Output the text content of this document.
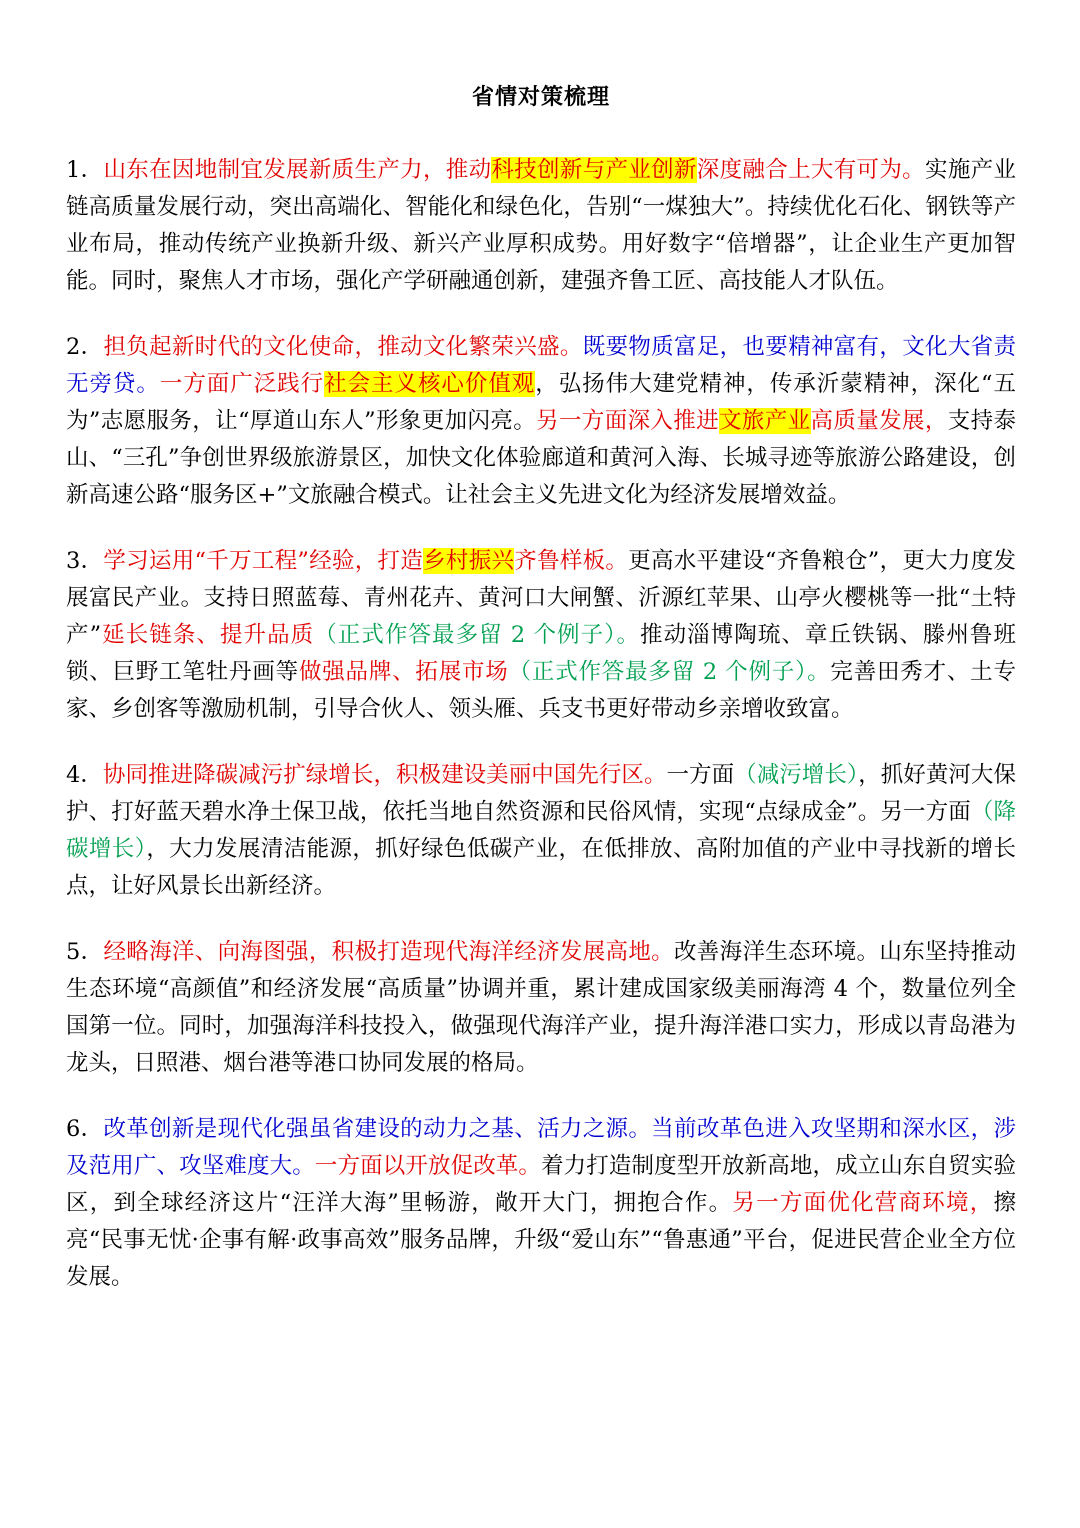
省情对策梳理

1．山东在因地制宜发展新质生产力，推动科技创新与产业创新深度融合上大有可为。实施产业链高质量发展行动，突出高端化、智能化和绿色化，告别“一煤独大”。持续优化石化、钢铁等产业布局，推动传统产业换新升级、新兴产业厚积成势。用好数字“倍增器”，让企业生产更加智能。同时，聚焦人才市场，强化产学研融通创新，建强齐鲁工匠、高技能人才队伍。

2．担负起新时代的文化使命，推动文化繁荣兴盛。既要物质富足，也要精神富有，文化大省责无旁贷。一方面广泛践行社会主义核心价值观，弘扬伟大建党精神，传承沂蒙精神，深化“五为”志愿服务，让“厚道山东人”形象更加闪亮。另一方面深入推进文旅产业高质量发展，支持泰山、“三孔”争创世界级旅游景区，加快文化体验廊道和黄河入海、长城寻迹等旅游公路建设，创新高速公路“服务区+”文旅融合模式。让社会主义先进文化为经济发展增效益。

3．学习运用“千万工程”经验，打造乡村振兴齐鲁样板。更高水平建设“齐鲁粮仓”，更大力度发展富民产业。支持日照蓝莓、青州花卉、黄河口大闸蟹、沂源红苹果、山亭火樱桃等一批“土特产”延长链条、提升品质（正式作答最多留 2 个例子）。推动淄博陶琉、章丘铁锅、滕州鲁班锁、巨野工笔牡丹画等做强品牌、拓展市场（正式作答最多留 2 个例子）。完善田秀才、土专家、乡创客等激励机制，引导合伙人、领头雁、兵支书更好带动乡亲增收致富。

4．协同推进降碳减污扩绿增长，积极建设美丽中国先行区。一方面（减污增长），抓好黄河大保护、打好蓝天碧水净土保卫战，依托当地自然资源和民俗风情，实现“点绿成金”。另一方面（降碳增长），大力发展清洁能源，抓好绿色低碳产业，在低排放、高附加值的产业中寻找新的增长点，让好风景长出新经济。

5．经略海洋、向海图强，积极打造现代海洋经济发展高地。改善海洋生态环境。山东坚持推动生态环境“高颜值”和经济发展“高质量”协调并重，累计建成国家级美丽海湾 4 个，数量位列全国第一位。同时，加强海洋科技投入，做强现代海洋产业，提升海洋港口实力，形成以青岛港为龙头，日照港、烟台港等港口协同发展的格局。

6．改革创新是现代化强虽省建设的动力之基、活力之源。当前改革色进入攻坚期和深水区，涉及范用广、攻坚难度大。一方面以开放促改革。着力打造制度型开放新高地，成立山东自贸实验区，到全球经济这片“汪洋大海”里畅游，敞开大门，拥抱合作。另一方面优化营商环境，擦亮“民事无忧·企事有解·政事高效”服务品牌，升级“爱山东”“鲁惠通”平台，促进民营企业全方位发展。
